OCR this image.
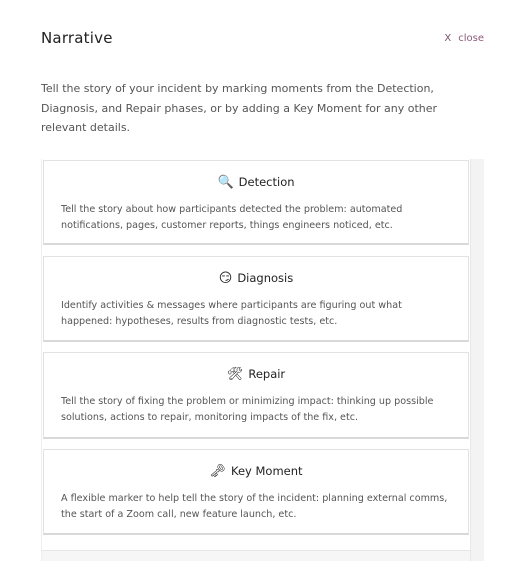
Narrative	X close
Tell the story of your incident by marking moments from the Detection, Diagnosis, and Repair phases, or by adding a Key Moment for any other relevant details.
🔍 Detection
Tell the story about how participants detected the problem: automated notifications, pages, customer reports, things engineers noticed, etc.
😏 Diagnosis
Identify activities & messages where participants are figuring out what happened: hypotheses, results from diagnostic tests, etc.
🛠 Repair
Tell the story of fixing the problem or minimizing impact: thinking up possible solutions, actions to repair, monitoring impacts of the fix, etc.
🗝 Key Moment
A flexible marker to help tell the story of the incident: planning external comms, the start of a Zoom call, new feature launch, etc.
